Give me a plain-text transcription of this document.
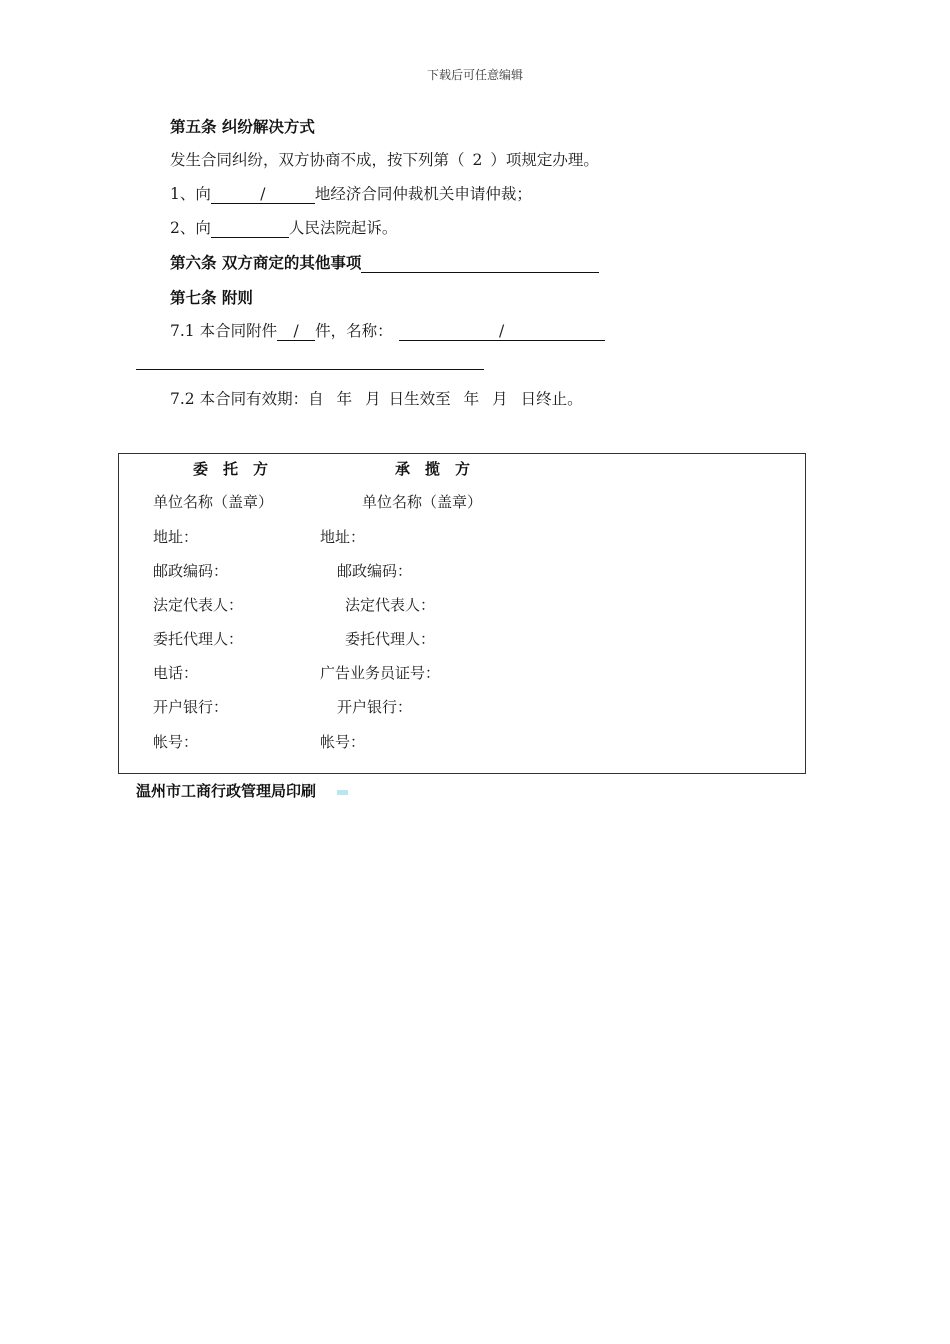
下载后可任意编辑
第五条 纠纷解决方式
发生合同纠纷，双方协商不成，按下列第（ 2 ）项规定办理。
1、向	/	地经济合同仲裁机关申请仲裁；
2、向	人民法院起诉。
第六条 双方商定的其他事项
第七条 附则
7.1 本合同附件 / 件，名称：	/
7.2 本合同有效期：自 年 月 日生效至 年 月 日终止。
委托方	承揽方
单位名称（盖章）	单位名称（盖章）
地址：	地址：
邮政编码：	邮政编码：
法定代表人：	法定代表人：
委托代理人：	委托代理人：
电话：	广告业务员证号：
开户银行：	开户银行：
帐号：	帐号：
温州市工商行政管理局印刷
